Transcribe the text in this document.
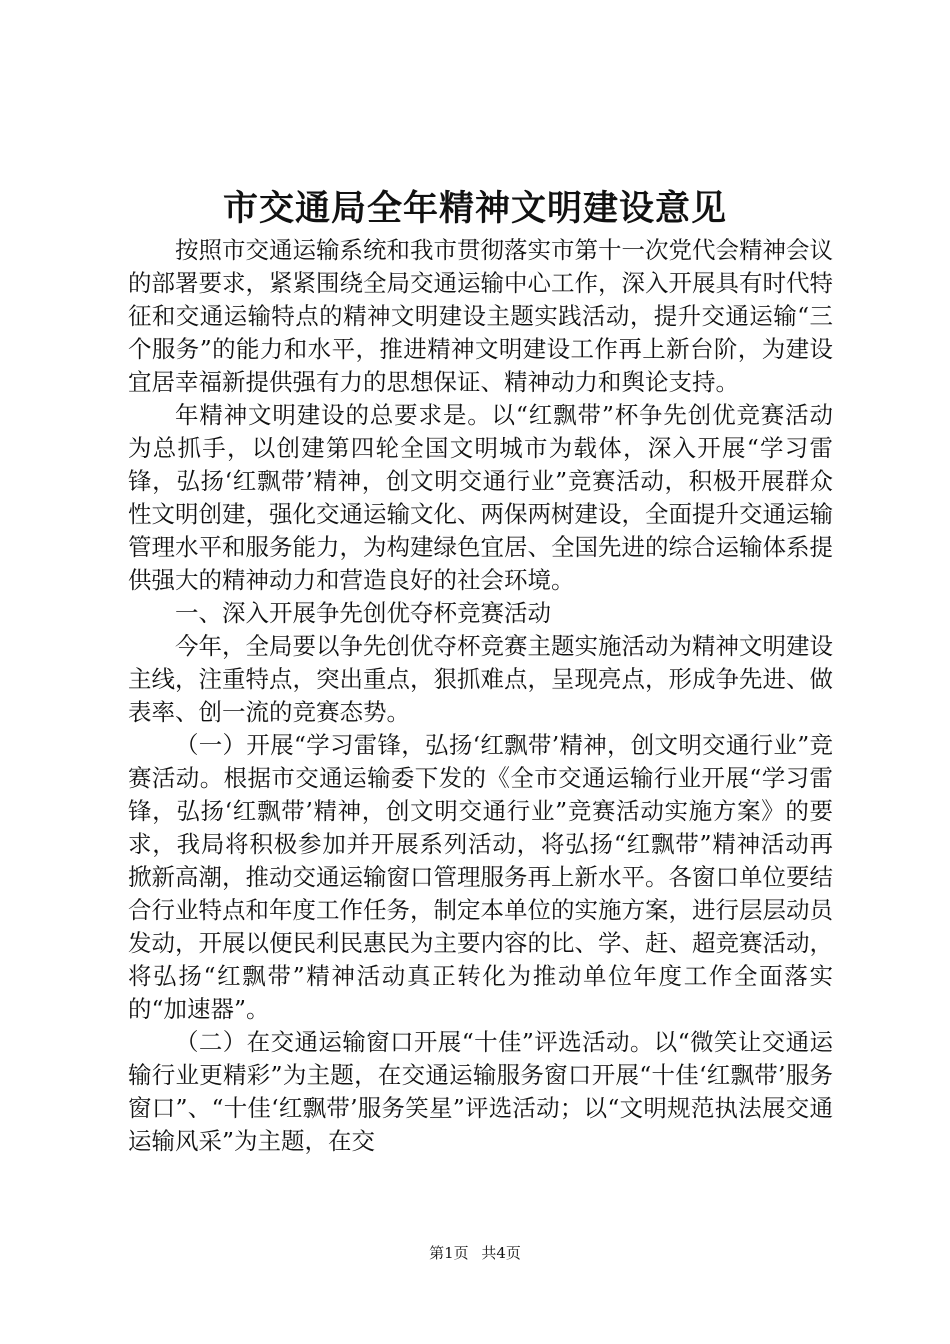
市交通局全年精神文明建设意见

按照市交通运输系统和我市贯彻落实市第十一次党代会精神会议的部署要求，紧紧围绕全局交通运输中心工作，深入开展具有时代特征和交通运输特点的精神文明建设主题实践活动，提升交通运输“三个服务”的能力和水平，推进精神文明建设工作再上新台阶，为建设宜居幸福新提供强有力的思想保证、精神动力和舆论支持。

年精神文明建设的总要求是。以“红飘带”杯争先创优竞赛活动为总抓手，以创建第四轮全国文明城市为载体，深入开展“学习雷锋，弘扬‘红飘带’精神，创文明交通行业”竞赛活动，积极开展群众性文明创建，强化交通运输文化、两保两树建设，全面提升交通运输管理水平和服务能力，为构建绿色宜居、全国先进的综合运输体系提供强大的精神动力和营造良好的社会环境。

一、深入开展争先创优夺杯竞赛活动

今年，全局要以争先创优夺杯竞赛主题实施活动为精神文明建设主线，注重特点，突出重点，狠抓难点，呈现亮点，形成争先进、做表率、创一流的竞赛态势。

（一）开展“学习雷锋，弘扬‘红飘带’精神，创文明交通行业”竞赛活动。根据市交通运输委下发的《全市交通运输行业开展“学习雷锋，弘扬‘红飘带’精神，创文明交通行业”竞赛活动实施方案》的要求，我局将积极参加并开展系列活动，将弘扬“红飘带”精神活动再掀新高潮，推动交通运输窗口管理服务再上新水平。各窗口单位要结合行业特点和年度工作任务，制定本单位的实施方案，进行层层动员发动，开展以便民利民惠民为主要内容的比、学、赶、超竞赛活动，将弘扬“红飘带”精神活动真正转化为推动单位年度工作全面落实的“加速器”。

（二）在交通运输窗口开展“十佳”评选活动。以“微笑让交通运输行业更精彩”为主题，在交通运输服务窗口开展“十佳‘红飘带’服务窗口”、“十佳‘红飘带’服务笑星”评选活动；以“文明规范执法展交通运输风采”为主题，在交

第1页 共4页
